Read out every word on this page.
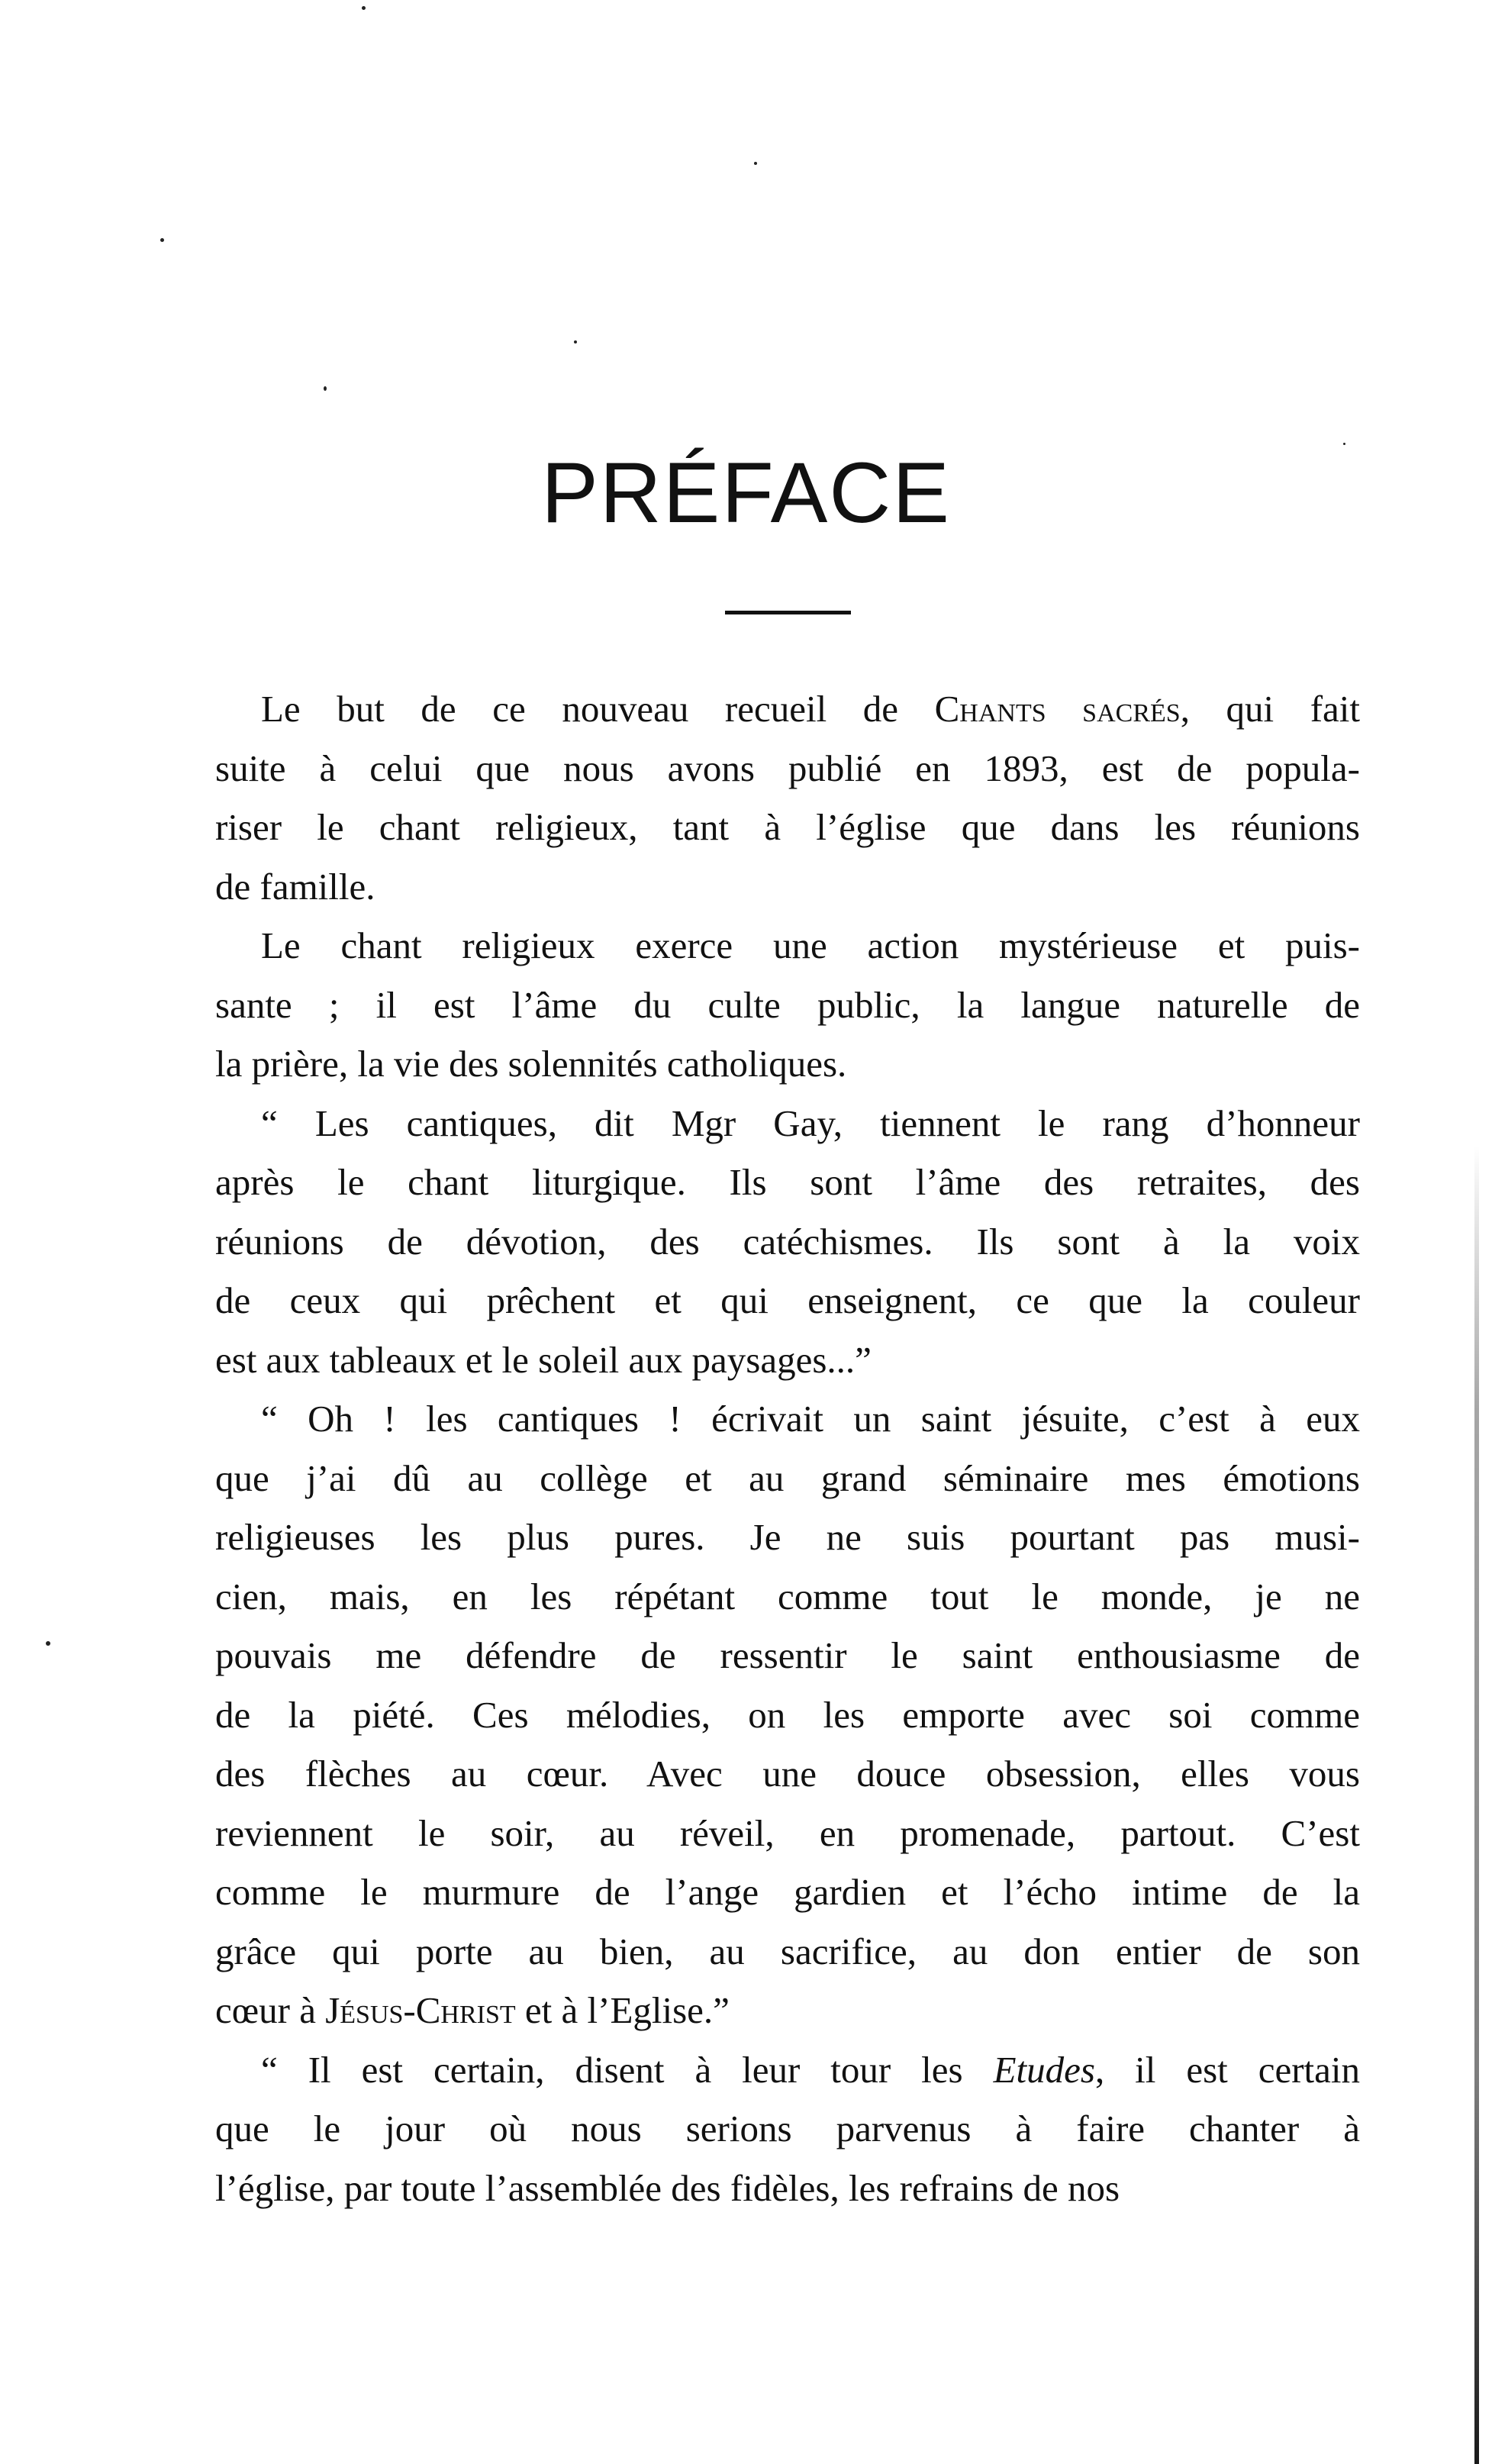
PRÉFACE
Le but de ce nouveau recueil de Chants sacrés, qui fait
suite à celui que nous avons publié en 1893, est de popula-
riser le chant religieux, tant à l’église que dans les réunions
de famille.
Le chant religieux exerce une action mystérieuse et puis-
sante ; il est l’âme du culte public, la langue naturelle de
la prière, la vie des solennités catholiques.
“ Les cantiques, dit Mgr Gay, tiennent le rang d’honneur
après le chant liturgique. Ils sont l’âme des retraites, des
réunions de dévotion, des catéchismes. Ils sont à la voix
de ceux qui prêchent et qui enseignent, ce que la couleur
est aux tableaux et le soleil aux paysages...”
“ Oh ! les cantiques ! écrivait un saint jésuite, c’est à eux
que j’ai dû au collège et au grand séminaire mes émotions
religieuses les plus pures. Je ne suis pourtant pas musi-
cien, mais, en les répétant comme tout le monde, je ne
pouvais me défendre de ressentir le saint enthousiasme de
de la piété. Ces mélodies, on les emporte avec soi comme
des flèches au cœur. Avec une douce obsession, elles vous
reviennent le soir, au réveil, en promenade, partout. C’est
comme le murmure de l’ange gardien et l’écho intime de la
grâce qui porte au bien, au sacrifice, au don entier de son
cœur à Jésus-Christ et à l’Eglise.”
“ Il est certain, disent à leur tour les Etudes, il est certain
que le jour où nous serions parvenus à faire chanter à
l’église, par toute l’assemblée des fidèles, les refrains de nos
